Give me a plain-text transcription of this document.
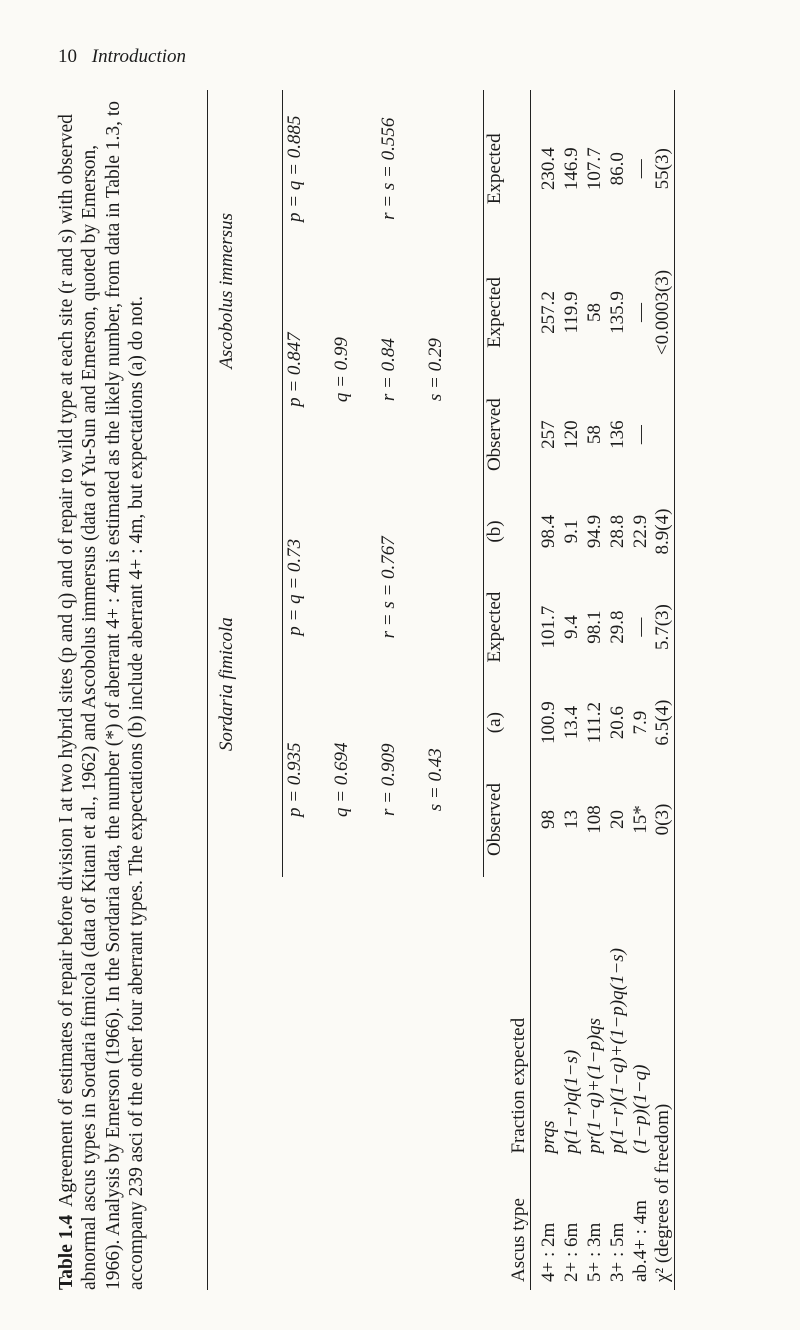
10 Introduction
Table 1.4Agreement of estimates of repair before division I at two hybrid sites (p and q) and of repair to wild type at each site (r and s) with observed abnormal ascus types in Sordaria fimicola (data of Kitani et al., 1962) and Ascobolus immersus (data of Yu-Sun and Emerson, quoted by Emerson, 1966). Analysis by Emerson (1966). In the Sordaria data, the number (*) of aberrant 4+ : 4m is estimated as the likely number, from data in Table 1.3, to accompany 239 asci of the other four aberrant types. The expectations (b) include aberrant 4+ : 4m, but expectations (a) do not.	Ascus type	Fraction expected	Sordaria fimicola				Ascobolus immersus		
		p = 0.935		p = q = 0.73		p = 0.847		p = q = 0.885
		q = 0.694				q = 0.99		
		r = 0.909		r = s = 0.767		r = 0.84		r = s = 0.556
		s = 0.43				s = 0.29		
		Observed	(a)	Expected	(b)	Observed	Expected	Expected

4+ : 2m	prqs	98	100.9	101.7	98.4	257	257.2	230.4
2+ : 6m	p(1−r)q(1−s)	13	13.4	9.4	9.1	120	119.9	146.9
5+ : 3m	pr(1−q)+(1−p)qs	108	111.2	98.1	94.9	58	58	107.7
3+ : 5m	p(1−r)(1−q)+(1−p)q(1−s)	20	20.6	29.8	28.8	136	135.9	86.0
ab.4+ : 4m	(1−p)(1−q)	15*	7.9	—	22.9	—	—	—
χ² (degrees of freedom)		0(3)	6.5(4)	5.7(3)	8.9(4)		<0.0003(3)	55(3)
